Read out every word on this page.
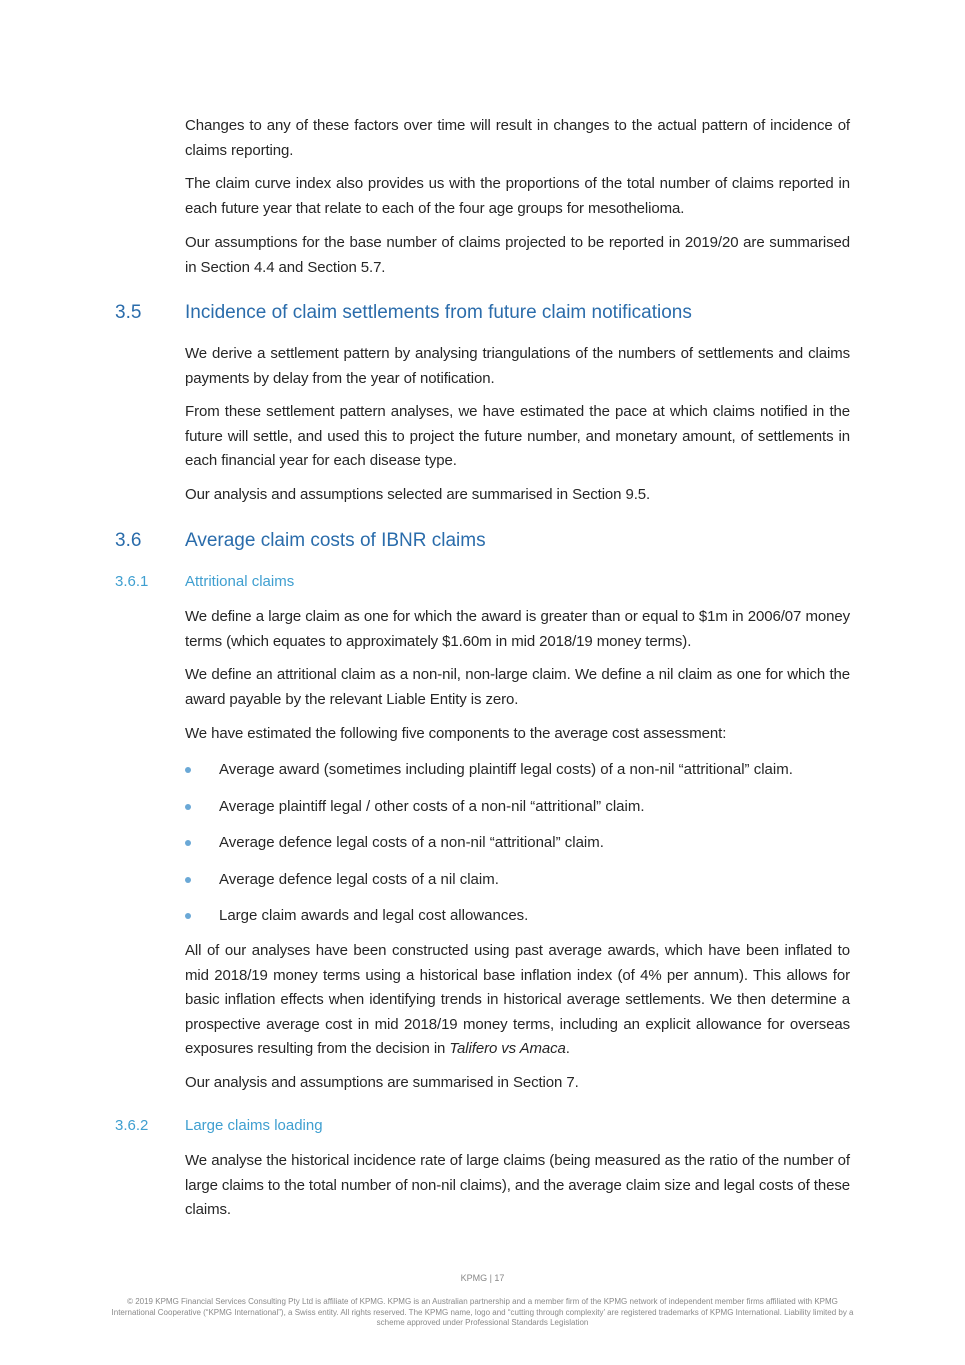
Changes to any of these factors over time will result in changes to the actual pattern of incidence of claims reporting.

The claim curve index also provides us with the proportions of the total number of claims reported in each future year that relate to each of the four age groups for mesothelioma.

Our assumptions for the base number of claims projected to be reported in 2019/20 are summarised in Section 4.4 and Section 5.7.

3.5 Incidence of claim settlements from future claim notifications

We derive a settlement pattern by analysing triangulations of the numbers of settlements and claims payments by delay from the year of notification.

From these settlement pattern analyses, we have estimated the pace at which claims notified in the future will settle, and used this to project the future number, and monetary amount, of settlements in each financial year for each disease type.

Our analysis and assumptions selected are summarised in Section 9.5.

3.6 Average claim costs of IBNR claims
3.6.1 Attritional claims

We define a large claim as one for which the award is greater than or equal to $1m in 2006/07 money terms (which equates to approximately $1.60m in mid 2018/19 money terms).

We define an attritional claim as a non-nil, non-large claim. We define a nil claim as one for which the award payable by the relevant Liable Entity is zero.

We have estimated the following five components to the average cost assessment:

Average award (sometimes including plaintiff legal costs) of a non-nil “attritional” claim.
Average plaintiff legal / other costs of a non-nil “attritional” claim.
Average defence legal costs of a non-nil “attritional” claim.
Average defence legal costs of a nil claim.
Large claim awards and legal cost allowances.

All of our analyses have been constructed using past average awards, which have been inflated to mid 2018/19 money terms using a historical base inflation index (of 4% per annum). This allows for basic inflation effects when identifying trends in historical average settlements. We then determine a prospective average cost in mid 2018/19 money terms, including an explicit allowance for overseas exposures resulting from the decision in Talifero vs Amaca.

Our analysis and assumptions are summarised in Section 7.

3.6.2 Large claims loading

We analyse the historical incidence rate of large claims (being measured as the ratio of the number of large claims to the total number of non-nil claims), and the average claim size and legal costs of these claims.

KPMG | 17
© 2019 KPMG Financial Services Consulting Pty Ltd is affiliate of KPMG. KPMG is an Australian partnership and a member firm of the KPMG network of independent member firms affiliated with KPMG International Cooperative (“KPMG International”), a Swiss entity. All rights reserved. The KPMG name, logo and “cutting through complexity’ are registered trademarks of KPMG International. Liability limited by a scheme approved under Professional Standards Legislation
